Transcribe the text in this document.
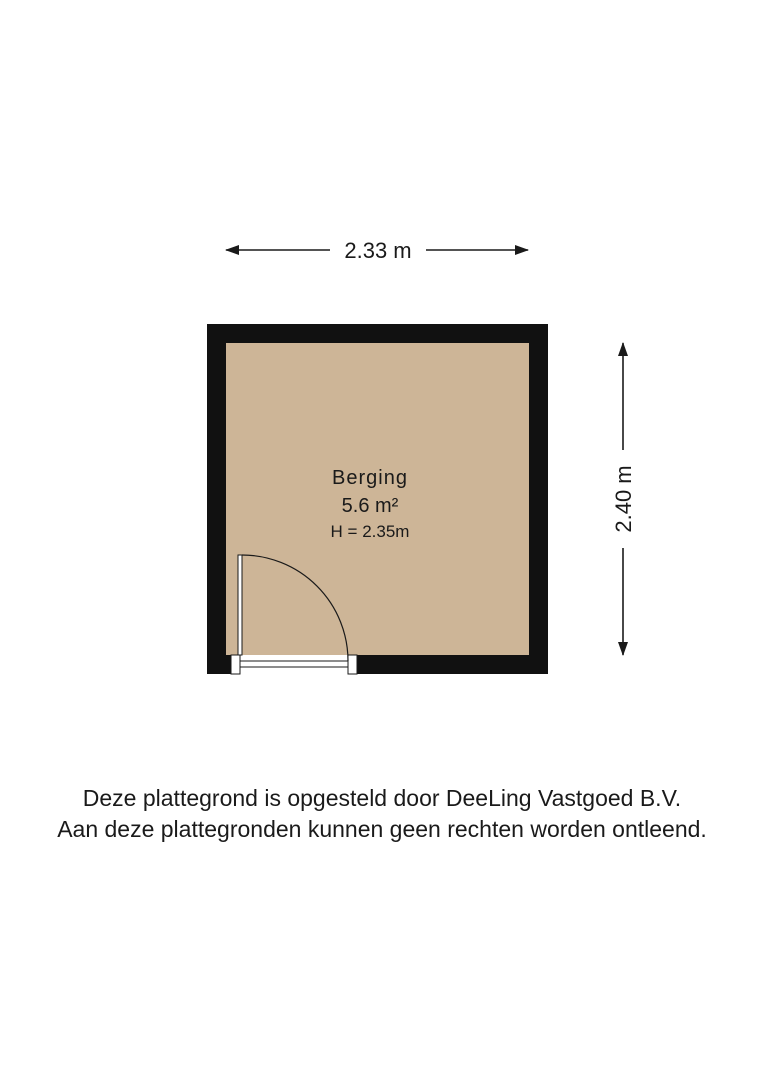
2.33 m
2.40 m
Berging
5.6 m²
H = 2.35m
Deze plattegrond is opgesteld door DeeLing Vastgoed B.V.
Aan deze plattegronden kunnen geen rechten worden ontleend.
